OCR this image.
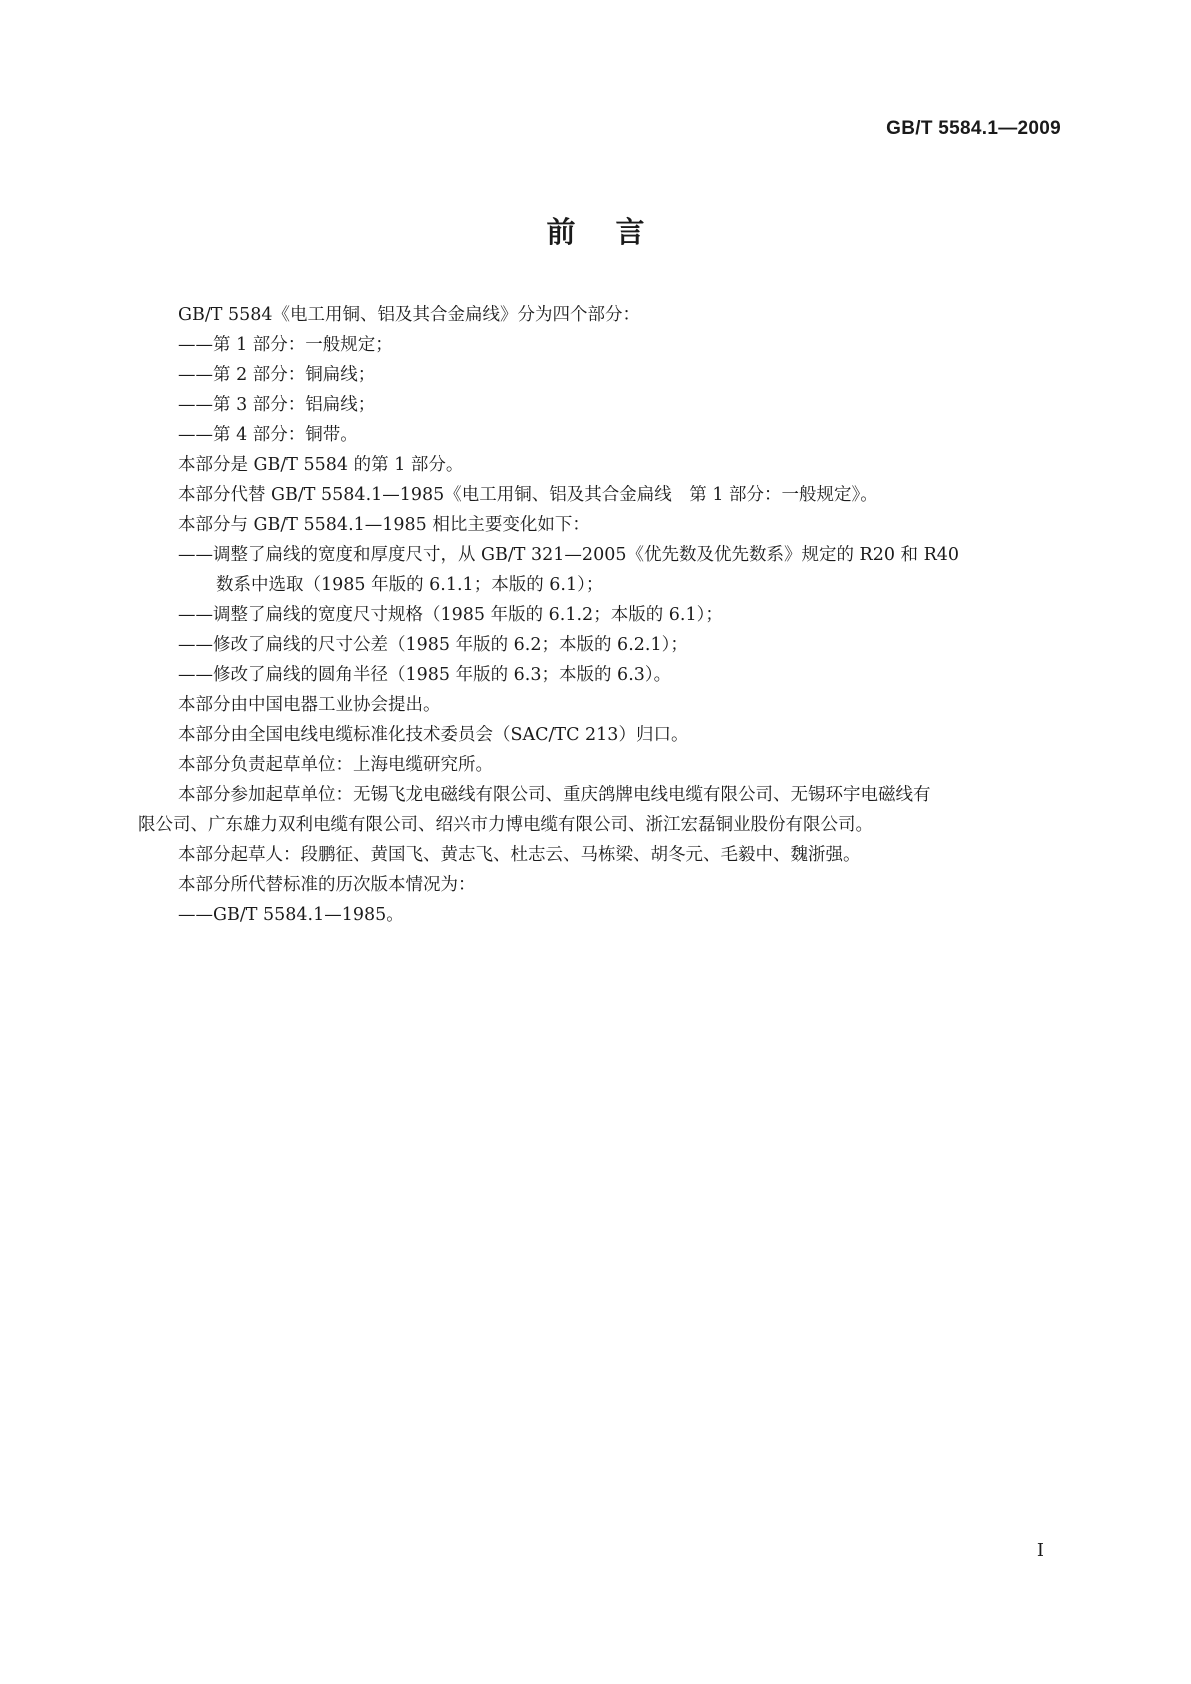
GB/T 5584.1—2009
前言
GB/T 5584《电工用铜、铝及其合金扁线》分为四个部分：
——第 1 部分：一般规定；
——第 2 部分：铜扁线；
——第 3 部分：铝扁线；
——第 4 部分：铜带。
本部分是 GB/T 5584 的第 1 部分。
本部分代替 GB/T 5584.1—1985《电工用铜、铝及其合金扁线　第 1 部分：一般规定》。
本部分与 GB/T 5584.1—1985 相比主要变化如下：
——调整了扁线的宽度和厚度尺寸，从 GB/T 321—2005《优先数及优先数系》规定的 R20 和 R40
数系中选取（1985 年版的 6.1.1；本版的 6.1）；
——调整了扁线的宽度尺寸规格（1985 年版的 6.1.2；本版的 6.1）；
——修改了扁线的尺寸公差（1985 年版的 6.2；本版的 6.2.1）；
——修改了扁线的圆角半径（1985 年版的 6.3；本版的 6.3）。
本部分由中国电器工业协会提出。
本部分由全国电线电缆标准化技术委员会（SAC/TC 213）归口。
本部分负责起草单位：上海电缆研究所。
本部分参加起草单位：无锡飞龙电磁线有限公司、重庆鸽牌电线电缆有限公司、无锡环宇电磁线有
限公司、广东雄力双利电缆有限公司、绍兴市力博电缆有限公司、浙江宏磊铜业股份有限公司。
本部分起草人：段鹏征、黄国飞、黄志飞、杜志云、马栋梁、胡冬元、毛毅中、魏浙强。
本部分所代替标准的历次版本情况为：
——GB/T 5584.1—1985。
I
